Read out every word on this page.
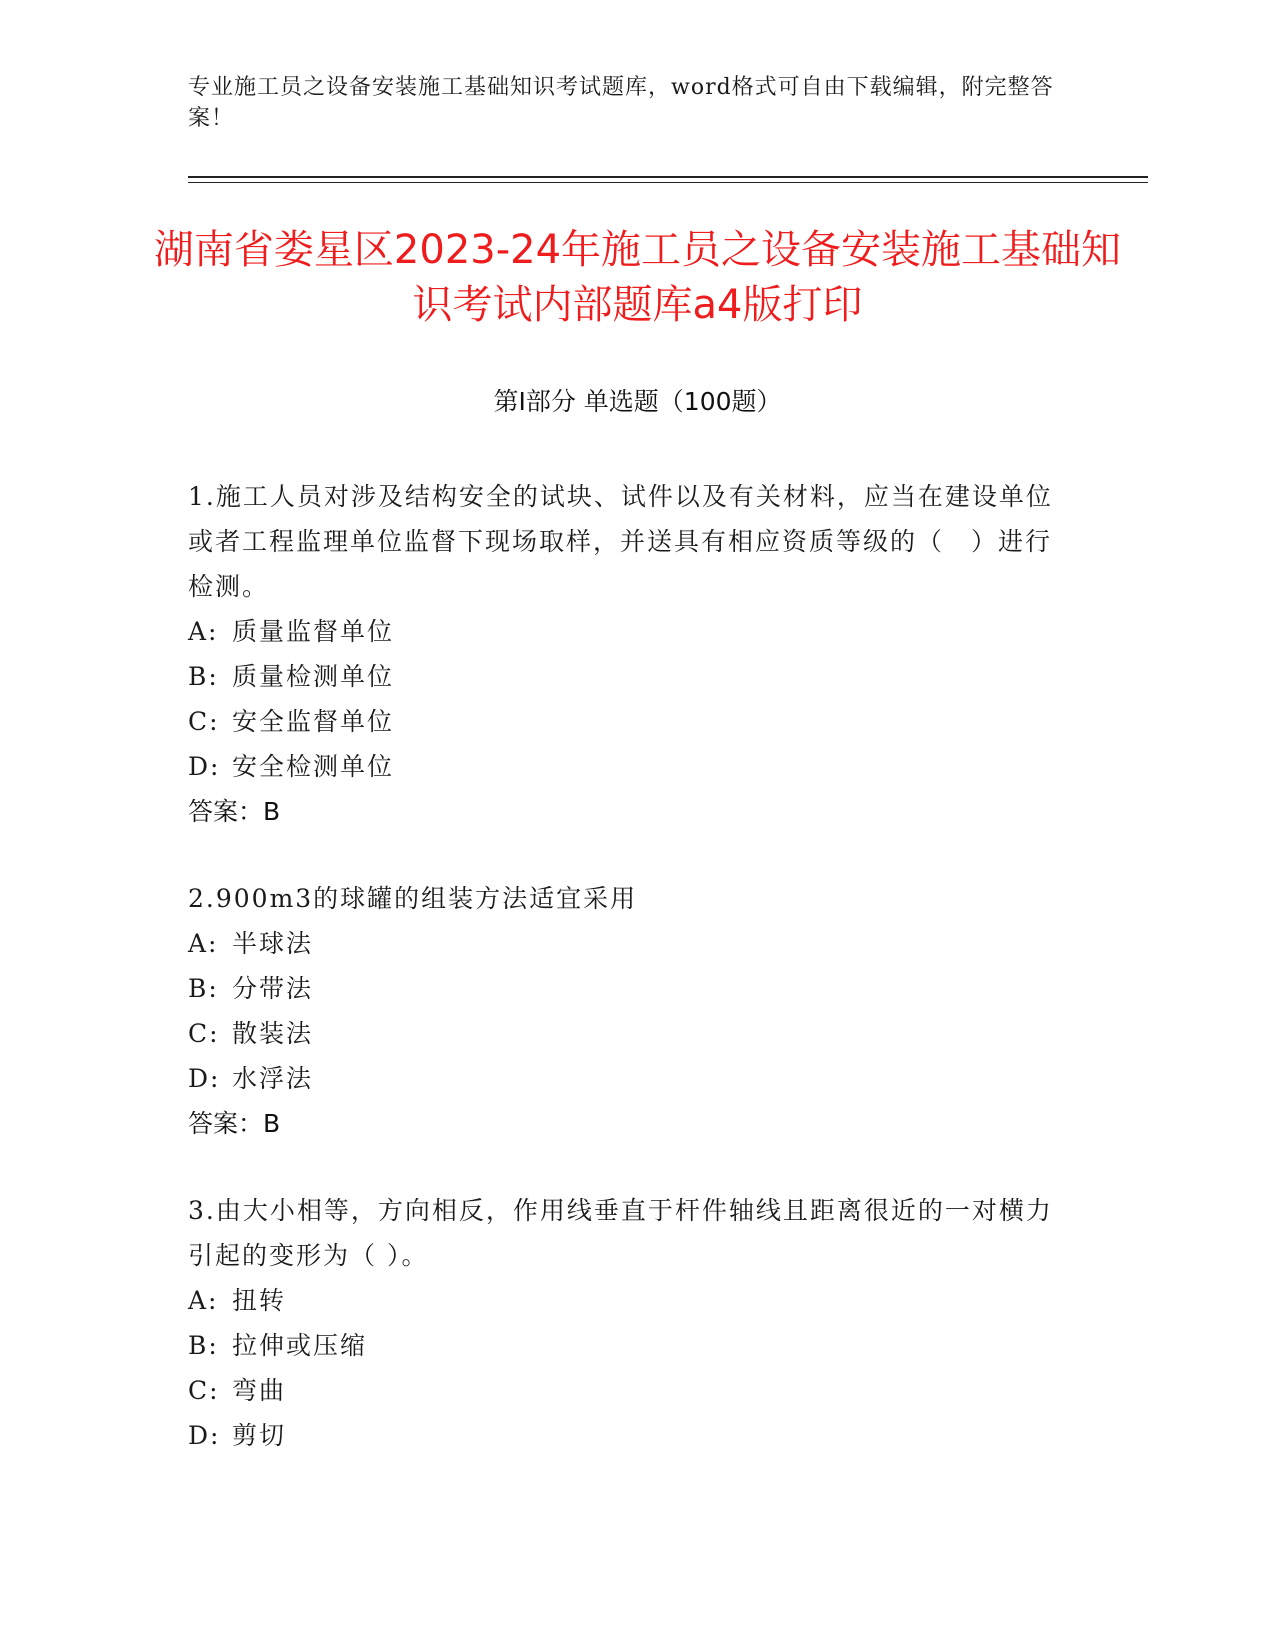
专业施工员之设备安装施工基础知识考试题库，word格式可自由下载编辑，附完整答案！
湖南省娄星区2023-24年施工员之设备安装施工基础知识考试内部题库a4版打印
第Ⅰ部分 单选题（100题）
1.施工人员对涉及结构安全的试块、试件以及有关材料，应当在建设单位或者工程监理单位监督下现场取样，并送具有相应资质等级的（　）进行检测。
A: 质量监督单位
B: 质量检测单位
C: 安全监督单位
D: 安全检测单位
答案：B
2.900m3的球罐的组装方法适宜采用
A: 半球法
B: 分带法
C: 散装法
D: 水浮法
答案：B
3.由大小相等，方向相反，作用线垂直于杆件轴线且距离很近的一对横力引起的变形为（ ）。
A: 扭转
B: 拉伸或压缩
C: 弯曲
D: 剪切
